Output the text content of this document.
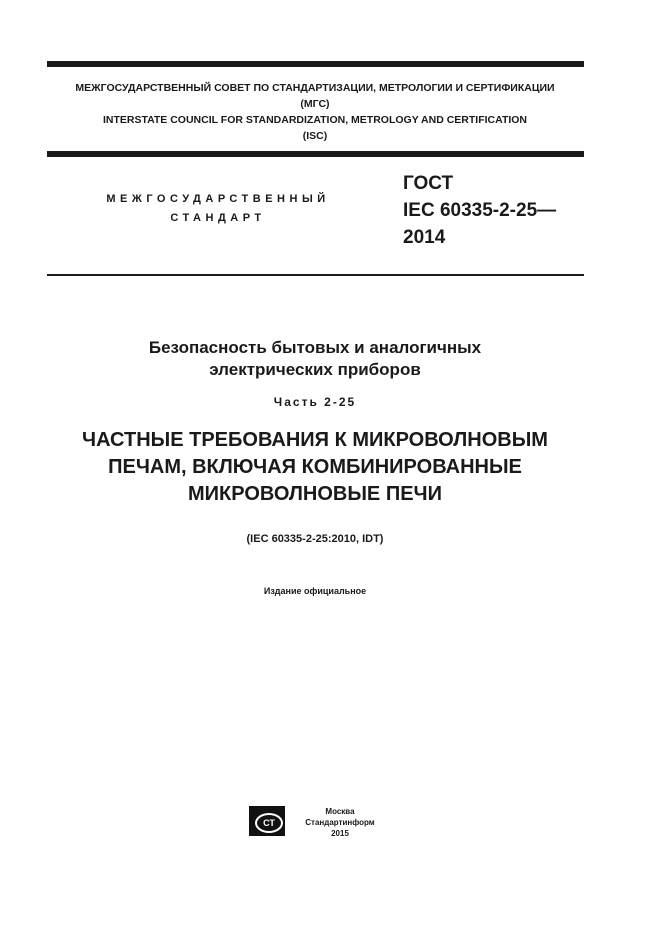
МЕЖГОСУДАРСТВЕННЫЙ СОВЕТ ПО СТАНДАРТИЗАЦИИ, МЕТРОЛОГИИ И СЕРТИФИКАЦИИ
(МГС)
INTERSTATE COUNCIL FOR STANDARDIZATION, METROLOGY AND CERTIFICATION
(ISC)
МЕЖГОСУДАРСТВЕННЫЙ
СТАНДАРТ
ГОСТ
IEC 60335-2-25—
2014
Безопасность бытовых и аналогичных
электрических приборов
Часть 2-25
ЧАСТНЫЕ ТРЕБОВАНИЯ К МИКРОВОЛНОВЫМ
ПЕЧАМ, ВКЛЮЧАЯ КОМБИНИРОВАННЫЕ
МИКРОВОЛНОВЫЕ ПЕЧИ
(IEC 60335-2-25:2010, IDT)
Издание официальное
СТ
Москва
Стандартинформ
2015
